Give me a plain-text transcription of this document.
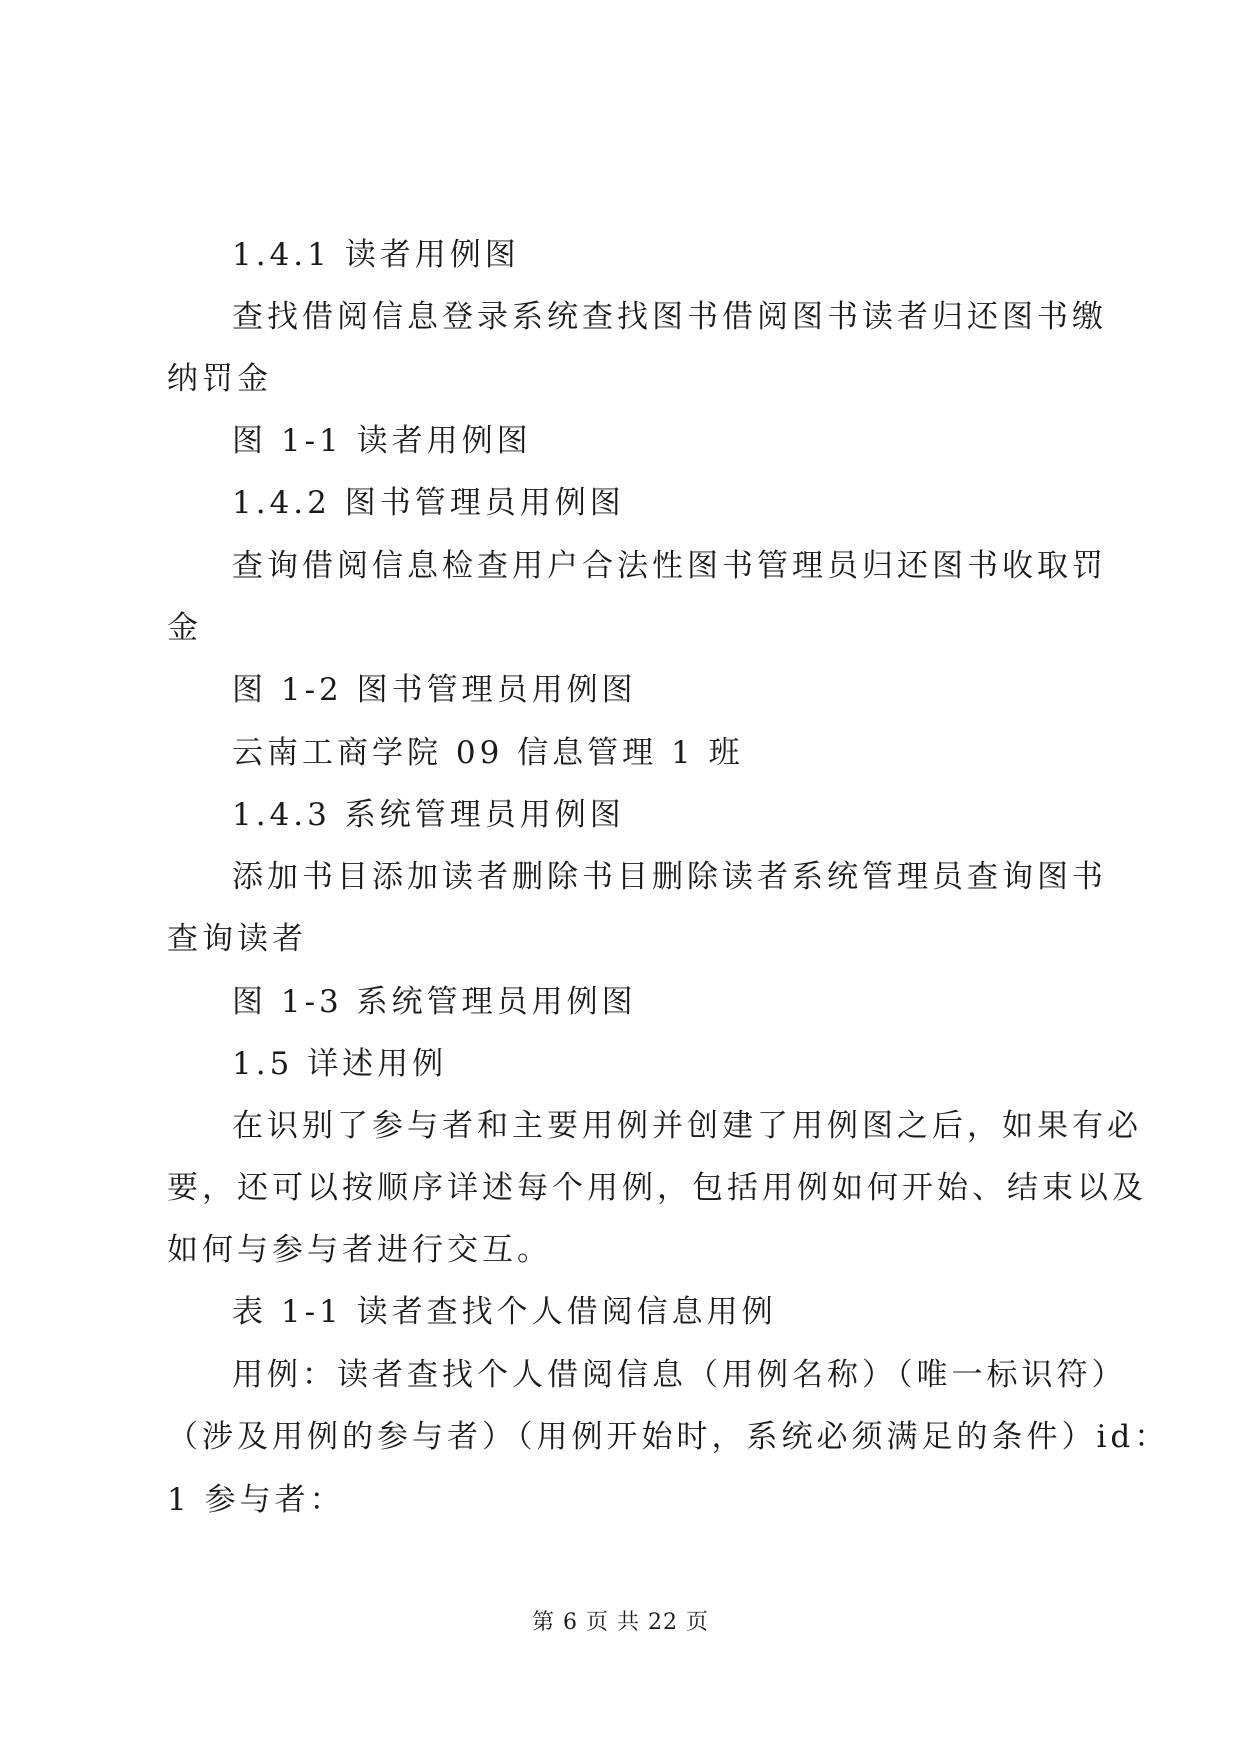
1.4.1 读者用例图
查找借阅信息登录系统查找图书借阅图书读者归还图书缴
纳罚金
图 1-1 读者用例图
1.4.2 图书管理员用例图
查询借阅信息检查用户合法性图书管理员归还图书收取罚
金
图 1-2 图书管理员用例图
云南工商学院 09 信息管理 1 班
1.4.3 系统管理员用例图
添加书目添加读者删除书目删除读者系统管理员查询图书
查询读者
图 1-3 系统管理员用例图
1.5 详述用例
在识别了参与者和主要用例并创建了用例图之后，如果有必
要，还可以按顺序详述每个用例，包括用例如何开始、结束以及
如何与参与者进行交互。
表 1-1 读者查找个人借阅信息用例
用例：读者查找个人借阅信息（用例名称）（唯一标识符）
（涉及用例的参与者）（用例开始时，系统必须满足的条件）id：
1 参与者：
第 6 页 共 22 页
